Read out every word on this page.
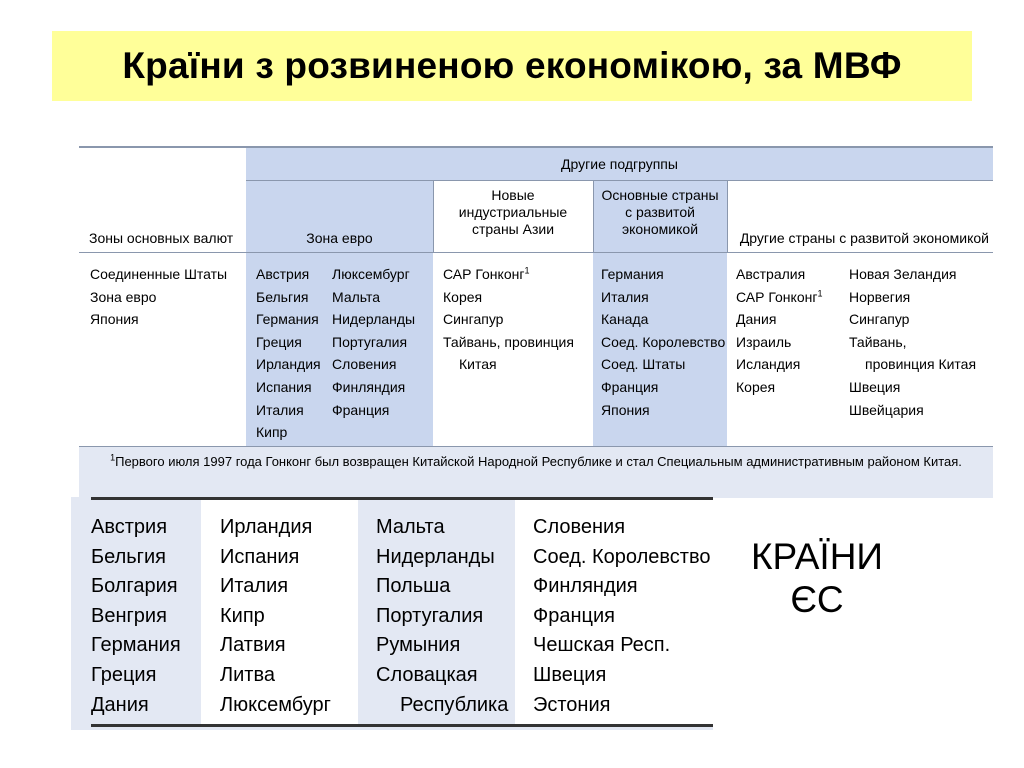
Країни з розвиненою економікою, за МВФ
Другие подгруппы
Зоны основных валют	Зона евро
Новые
индустриальные
страны Азии
Основные страны
с развитой
экономикой
Другие страны с развитой экономикой
Соединенные Штаты
Зона евро
Япония
Австрия
Бельгия
Германия
Греция
Ирландия
Испания
Италия
Кипр
Люксембург
Мальта
Нидерланды
Португалия
Словения
Финляндия
Франция
САР Гонконг$^1$
Корея
Сингапур
Тайвань, провинция
Китая
Германия
Италия
Канада
Соед. Королевство
Соед. Штаты
Франция
Япония
Австралия
САР Гонконг$^1$
Дания
Израиль
Исландия
Корея
Новая Зеландия
Норвегия
Сингапур
Тайвань,
провинция Китая
Швеция
Швейцария
$^1$Первого июля 1997 года Гонконг был возвращен Китайской Народной Республике и стал Специальным административным районом Китая.
Австрия
Бельгия
Болгария
Венгрия
Германия
Греция
Дания
Ирландия
Испания
Италия
Кипр
Латвия
Литва
Люксембург
Мальта
Нидерланды
Польша
Португалия
Румыния
Словацкая
Республика
Словения
Соед. Королевство
Финляндия
Франция
Чешская Респ.
Швеция
Эстония
КРАЇНИ
ЄС
